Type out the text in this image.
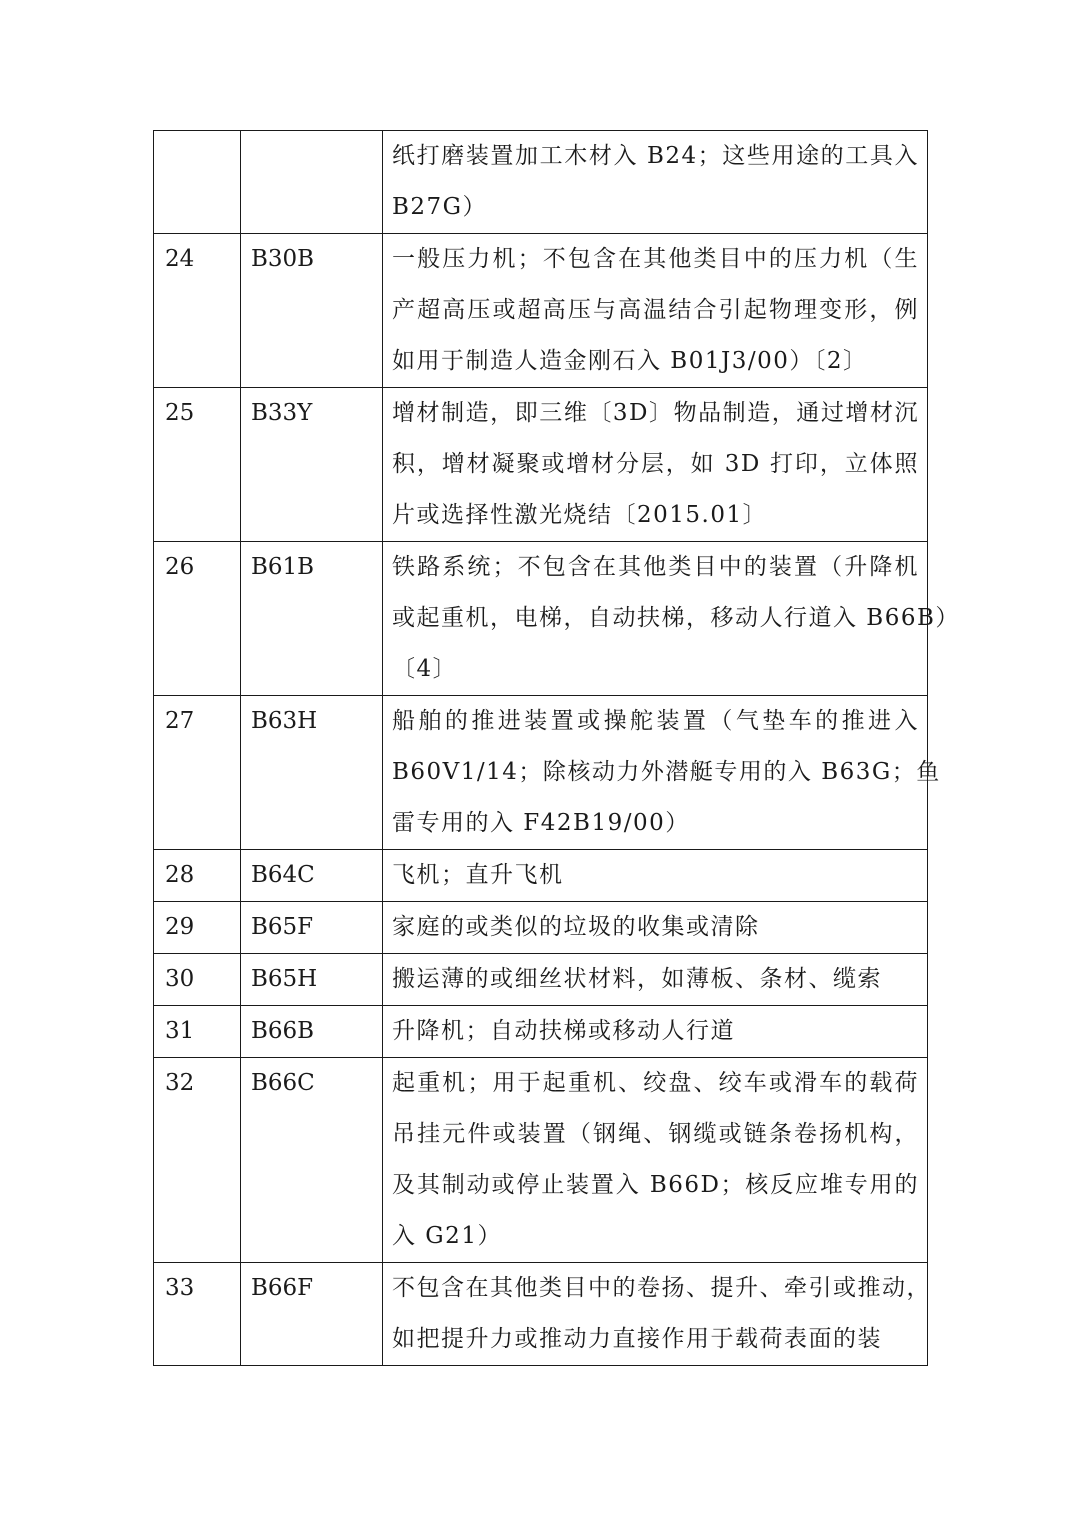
		纸打磨装置加工木材入 B24；这些用途的工具入
B27G）

24	B30B	一般压力机；不包含在其他类目中的压力机（生
产超高压或超高压与高温结合引起物理变形，例
如用于制造人造金刚石入 B01J3/00）〔2〕

25	B33Y	增材制造，即三维〔3D〕物品制造，通过增材沉
积，增材凝聚或增材分层，如 3D 打印，立体照
片或选择性激光烧结〔2015.01〕

26	B61B	铁路系统；不包含在其他类目中的装置（升降机
或起重机，电梯，自动扶梯，移动人行道入 B66B）
〔4〕

27	B63H	船舶的推进装置或操舵装置（气垫车的推进入
B60V1/14；除核动力外潜艇专用的入 B63G；鱼
雷专用的入 F42B19/00）

28	B64C	飞机；直升飞机

29	B65F	家庭的或类似的垃圾的收集或清除

30	B65H	搬运薄的或细丝状材料，如薄板、条材、缆索

31	B66B	升降机；自动扶梯或移动人行道

32	B66C	起重机；用于起重机、绞盘、绞车或滑车的载荷
吊挂元件或装置（钢绳、钢缆或链条卷扬机构，
及其制动或停止装置入 B66D；核反应堆专用的
入 G21）

33	B66F	不包含在其他类目中的卷扬、提升、牵引或推动，
如把提升力或推动力直接作用于载荷表面的装
